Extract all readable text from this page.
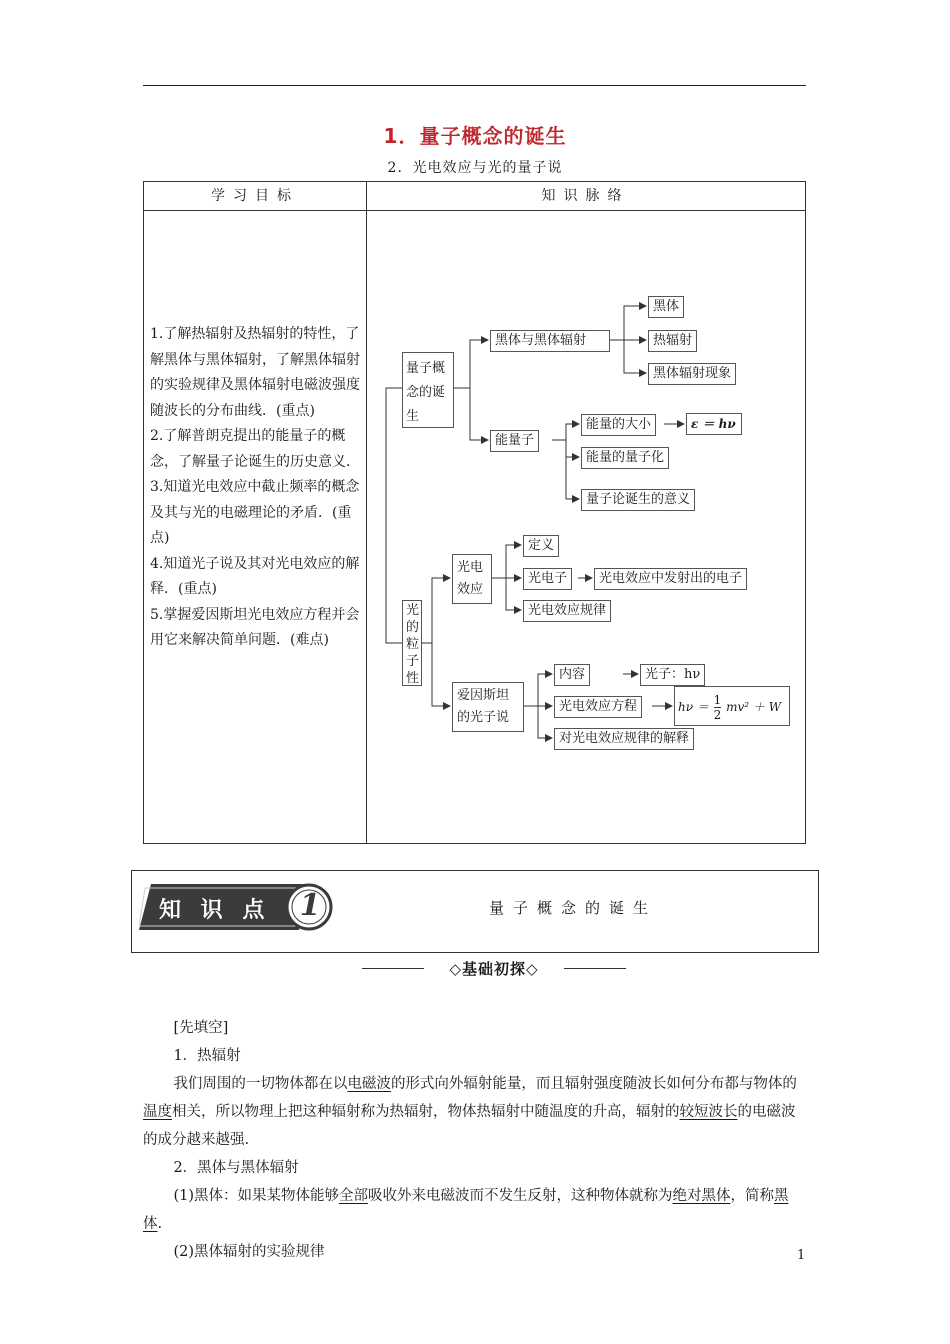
1．量子概念的诞生
2．光电效应与光的量子说
学习目标	知识脉络

1.了解热辐射及热辐射的特性，了解黑体与黑体辐射，了解黑体辐射的实验规律及黑体辐射电磁波强度随波长的分布曲线．(重点)

2.了解普朗克提出的能量子的概念，了解量子论诞生的历史意义．

3.知道光电效应中截止频率的概念及其与光的电磁理论的矛盾．(重点)

4.知道光子说及其对光电效应的解释．(重点)

5.掌握爱因斯坦光电效应方程并会用它来解决简单问题．(难点)

量子概念的诞生
黑体与黑体辐射
黑体
热辐射
黑体辐射现象
能量子
能量的大小	ε ＝ hν
能量的量子化
量子论诞生的意义
光的粒子性
光电效应
定义
光电子	光电效应中发射出的电子
光电效应规律
爱因斯坦的光子说
内容	光子：hν
光电效应方程	$h\nu = \frac{1}{2} mv^2 + W$
对光电效应规律的解释
知 识 点 1	量子概念的诞生
◇基础初探◇

[先填空]

1．热辐射

我们周围的一切物体都在以电磁波的形式向外辐射能量，而且辐射强度随波长如何分布都与物体的温度相关，所以物理上把这种辐射称为热辐射，物体热辐射中随温度的升高，辐射的较短波长的电磁波的成分越来越强.

2．黑体与黑体辐射

(1)黑体：如果某物体能够全部吸收外来电磁波而不发生反射，这种物体就称为绝对黑体，简称黑体.

(2)黑体辐射的实验规律	1
